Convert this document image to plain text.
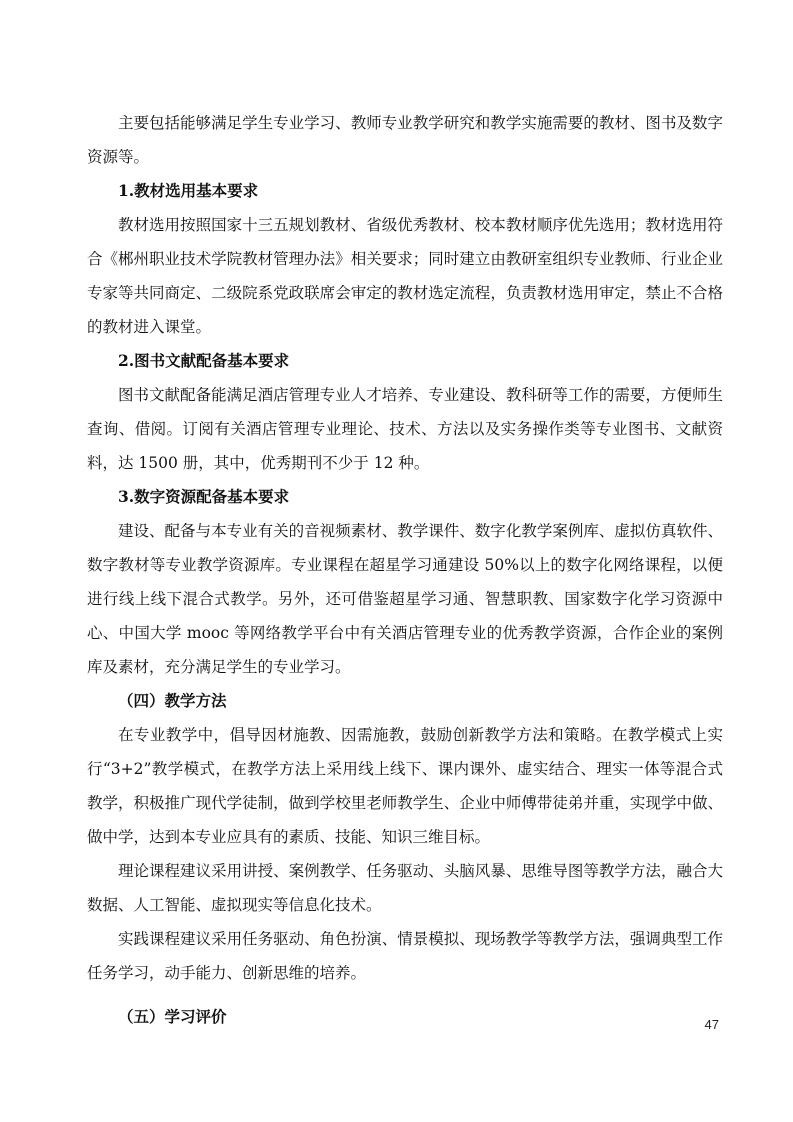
主要包括能够满足学生专业学习、教师专业教学研究和教学实施需要的教材、图书及数字资源等。

1.教材选用基本要求

教材选用按照国家十三五规划教材、省级优秀教材、校本教材顺序优先选用；教材选用符合《郴州职业技术学院教材管理办法》相关要求；同时建立由教研室组织专业教师、行业企业专家等共同商定、二级院系党政联席会审定的教材选定流程，负责教材选用审定，禁止不合格的教材进入课堂。

2.图书文献配备基本要求

图书文献配备能满足酒店管理专业人才培养、专业建设、教科研等工作的需要，方便师生查询、借阅。订阅有关酒店管理专业理论、技术、方法以及实务操作类等专业图书、文献资料，达 1500 册，其中，优秀期刊不少于 12 种。

3.数字资源配备基本要求

建设、配备与本专业有关的音视频素材、教学课件、数字化教学案例库、虚拟仿真软件、数字教材等专业教学资源库。专业课程在超星学习通建设 50%以上的数字化网络课程，以便进行线上线下混合式教学。另外，还可借鉴超星学习通、智慧职教、国家数字化学习资源中心、中国大学 mooc 等网络教学平台中有关酒店管理专业的优秀教学资源，合作企业的案例库及素材，充分满足学生的专业学习。

（四）教学方法

在专业教学中，倡导因材施教、因需施教，鼓励创新教学方法和策略。在教学模式上实行“3+2”教学模式，在教学方法上采用线上线下、课内课外、虚实结合、理实一体等混合式教学，积极推广现代学徒制，做到学校里老师教学生、企业中师傅带徒弟并重，实现学中做、做中学，达到本专业应具有的素质、技能、知识三维目标。

理论课程建议采用讲授、案例教学、任务驱动、头脑风暴、思维导图等教学方法，融合大数据、人工智能、虚拟现实等信息化技术。

实践课程建议采用任务驱动、角色扮演、情景模拟、现场教学等教学方法，强调典型工作任务学习，动手能力、创新思维的培养。

（五）学习评价	47
